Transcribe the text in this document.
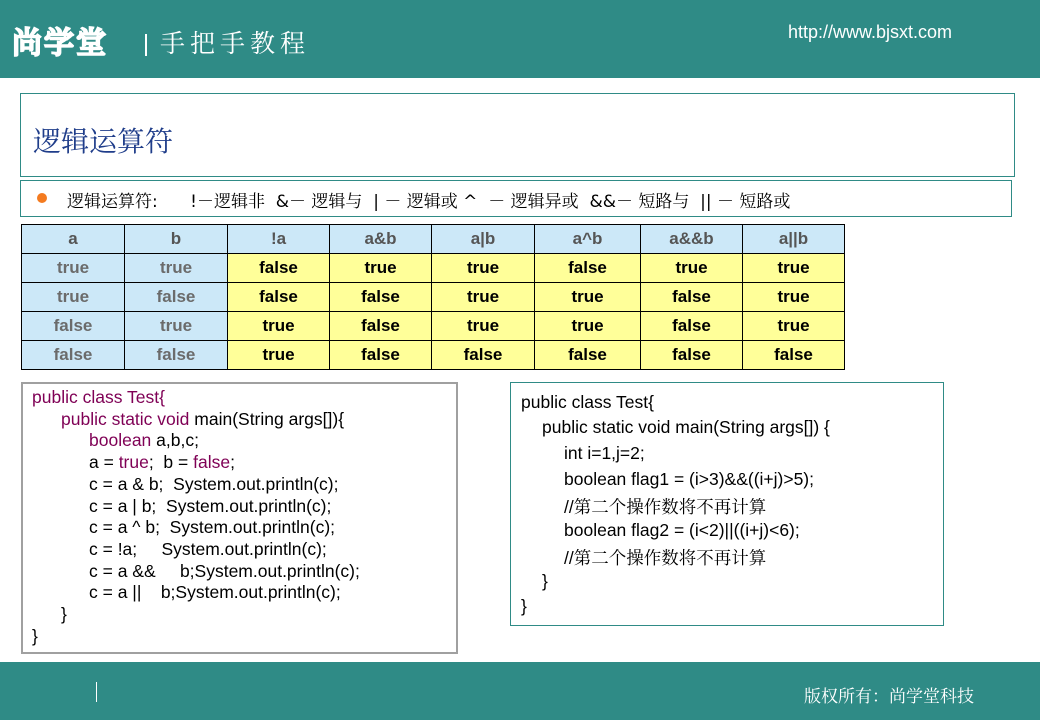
尚学堂 手把手教程	http://www.bjsxt.com
逻辑运算符
逻辑运算符:      !－逻辑非  &－ 逻辑与  | － 逻辑或 ^  － 逻辑异或  &&－ 短路与  || － 短路或
a	b	!a	a&b	a|b	a^b	a&&b	a||b
true	true	false	true	true	false	true	true
true	false	false	false	true	true	false	true
false	true	true	false	true	true	false	true
false	false	true	false	false	false	false	false
public class Test{
public static void main(String args[]){
boolean a,b,c;
a = true;  b = false;
c = a & b;  System.out.println(c);
c = a | b;  System.out.println(c);
c = a ^ b;  System.out.println(c);
c = !a;     System.out.println(c);
c = a &&     b;System.out.println(c);
c = a ||    b;System.out.println(c);
}
}
public class Test{
public static void main(String args[]) {
int i=1,j=2;
boolean flag1 = (i>3)&&((i+j)>5);
//第二个操作数将不再计算
boolean flag2 = (i<2)||((i+j)<6);
//第二个操作数将不再计算
}
}
版权所有：尚学堂科技
